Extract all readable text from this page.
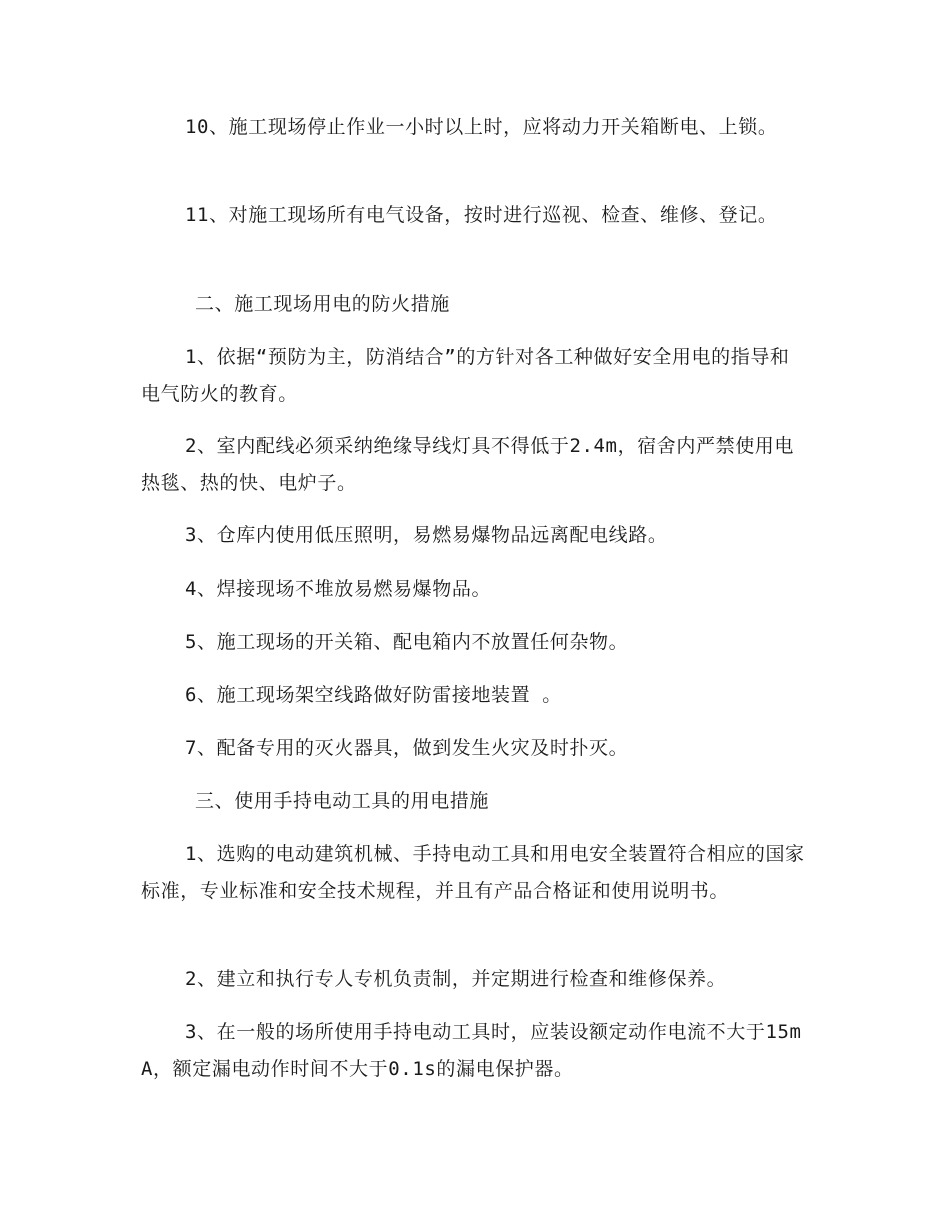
10、施工现场停止作业一小时以上时，应将动力开关箱断电、上锁。

11、对施工现场所有电气设备，按时进行巡视、检查、维修、登记。

二、施工现场用电的防火措施

1、依据“预防为主，防消结合”的方针对各工种做好安全用电的指导和电气防火的教育。

2、室内配线必须采纳绝缘导线灯具不得低于2.4m，宿舍内严禁使用电热毯、热的快、电炉子。

3、仓库内使用低压照明，易燃易爆物品远离配电线路。

4、焊接现场不堆放易燃易爆物品。

5、施工现场的开关箱、配电箱内不放置任何杂物。

6、施工现场架空线路做好防雷接地装置 。

7、配备专用的灭火器具，做到发生火灾及时扑灭。

三、使用手持电动工具的用电措施

1、选购的电动建筑机械、手持电动工具和用电安全装置符合相应的国家标准，专业标准和安全技术规程，并且有产品合格证和使用说明书。

2、建立和执行专人专机负责制，并定期进行检查和维修保养。

3、在一般的场所使用手持电动工具时，应装设额定动作电流不大于15mA，额定漏电动作时间不大于0.1s的漏电保护器。
